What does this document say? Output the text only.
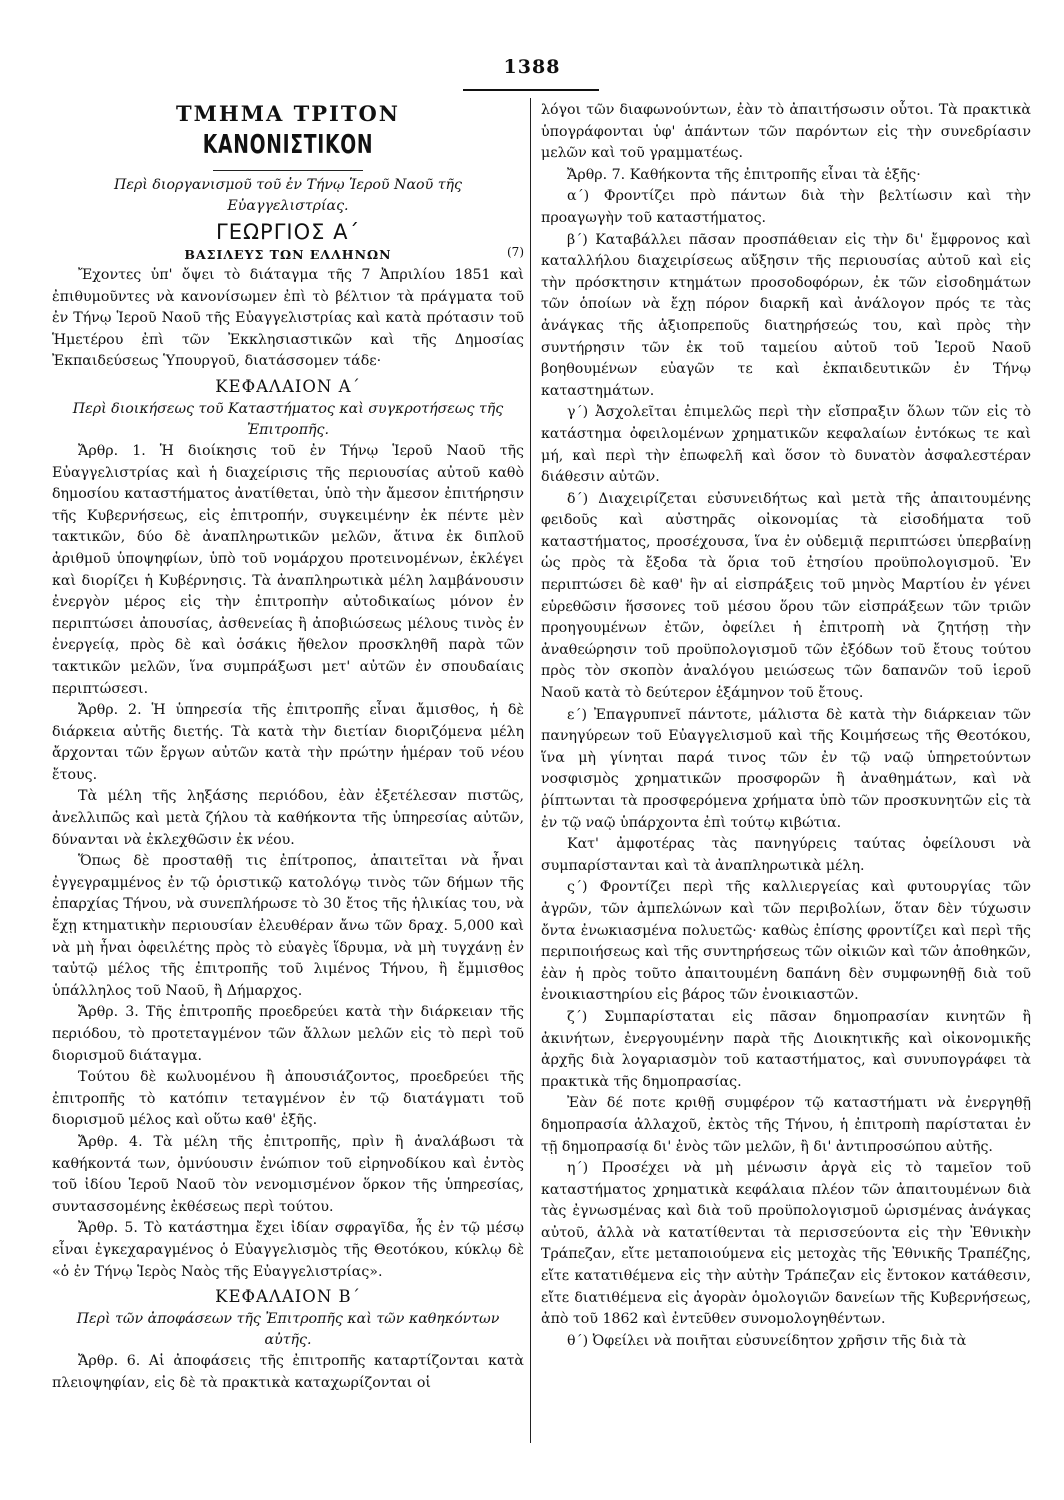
1388
ΤΜΗΜΑ ΤΡΙΤΟΝ
ΚΑΝΟΝΙΣΤΙΚΟΝ
(7)

Περὶ διοργανισμοῦ τοῦ ἐν Τήνῳ Ἱεροῦ Ναοῦ τῆς Εὐαγγελιστρίας.

ΓΕΩΡΓΙΟΣ Α΄
ΒΑΣΙΛΕΥΣ ΤΩΝ ΕΛΛΗΝΩΝ

Ἔχοντες ὑπ' ὄψει τὸ διάταγμα τῆς 7 Ἀπριλίου 1851 καὶ ἐπιθυμοῦντες νὰ κανονίσωμεν ἐπὶ τὸ βέλτιον τὰ πράγματα τοῦ ἐν Τήνῳ Ἱεροῦ Ναοῦ τῆς Εὐαγγελιστρίας καὶ κατὰ πρότασιν τοῦ Ἡμετέρου ἐπὶ τῶν Ἐκκλησιαστικῶν καὶ τῆς Δημοσίας Ἐκπαιδεύσεως Ὑπουργοῦ, διατάσσομεν τάδε·

ΚΕΦΑΛΑΙΟΝ Α΄

Περὶ διοικήσεως τοῦ Καταστήματος καὶ συγκροτήσεως τῆς Ἐπιτροπῆς.

Ἄρθρ. 1. Ἡ διοίκησις τοῦ ἐν Τήνῳ Ἱεροῦ Ναοῦ τῆς Εὐαγγελιστρίας καὶ ἡ διαχείρισις τῆς περιουσίας αὐτοῦ καθὸ δημοσίου καταστήματος ἀνατίθεται, ὑπὸ τὴν ἄμεσον ἐπιτήρησιν τῆς Κυβερνήσεως, εἰς ἐπιτροπήν, συγκειμένην ἐκ πέντε μὲν τακτικῶν, δύο δὲ ἀναπληρωτικῶν μελῶν, ἅτινα ἐκ διπλοῦ ἀριθμοῦ ὑποψηφίων, ὑπὸ τοῦ νομάρχου προτεινομένων, ἐκλέγει καὶ διορίζει ἡ Κυβέρνησις. Τὰ ἀναπληρωτικὰ μέλη λαμβάνουσιν ἐνεργὸν μέρος εἰς τὴν ἐπιτροπὴν αὐτοδικαίως μόνον ἐν περιπτώσει ἀπουσίας, ἀσθενείας ἢ ἀποβιώσεως μέλους τινὸς ἐν ἐνεργείᾳ, πρὸς δὲ καὶ ὁσάκις ἤθελον προσκληθῆ παρὰ τῶν τακτικῶν μελῶν, ἵνα συμπράξωσι μετ' αὐτῶν ἐν σπουδαίαις περιπτώσεσι.

Ἄρθρ. 2. Ἡ ὑπηρεσία τῆς ἐπιτροπῆς εἶναι ἄμισθος, ἡ δὲ διάρκεια αὐτῆς διετής. Τὰ κατὰ τὴν διετίαν διοριζόμενα μέλη ἄρχονται τῶν ἔργων αὐτῶν κατὰ τὴν πρώτην ἡμέραν τοῦ νέου ἔτους.

Τὰ μέλη τῆς ληξάσης περιόδου, ἐὰν ἐξετέλεσαν πιστῶς, ἀνελλιπῶς καὶ μετὰ ζήλου τὰ καθήκοντα τῆς ὑπηρεσίας αὐτῶν, δύνανται νὰ ἐκλεχθῶσιν ἐκ νέου.

Ὅπως δὲ προσταθῇ τις ἐπίτροπος, ἀπαιτεῖται νὰ ἦναι ἐγγεγραμμένος ἐν τῷ ὁριστικῷ κατολόγῳ τινὸς τῶν δήμων τῆς ἐπαρχίας Τήνου, νὰ συνεπλήρωσε τὸ 30 ἔτος τῆς ἡλικίας του, νὰ ἔχῃ κτηματικὴν περιουσίαν ἐλευθέραν ἄνω τῶν δραχ. 5,000 καὶ νὰ μὴ ἦναι ὀφειλέτης πρὸς τὸ εὐαγὲς ἵδρυμα, νὰ μὴ τυγχάνῃ ἐν ταὐτῷ μέλος τῆς ἐπιτροπῆς τοῦ λιμένος Τήνου, ἢ ἔμμισθος ὑπάλληλος τοῦ Ναοῦ, ἢ Δήμαρχος.

Ἄρθρ. 3. Τῆς ἐπιτροπῆς προεδρεύει κατὰ τὴν διάρκειαν τῆς περιόδου, τὸ προτεταγμένον τῶν ἄλλων μελῶν εἰς τὸ περὶ τοῦ διορισμοῦ διάταγμα.

Τούτου δὲ κωλυομένου ἢ ἀπουσιάζοντος, προεδρεύει τῆς ἐπιτροπῆς τὸ κατόπιν τεταγμένον ἐν τῷ διατάγματι τοῦ διορισμοῦ μέλος καὶ οὕτω καθ' ἑξῆς.

Ἄρθρ. 4. Τὰ μέλη τῆς ἐπιτροπῆς, πρὶν ἢ ἀναλάβωσι τὰ καθήκοντά των, ὀμνύουσιν ἐνώπιον τοῦ εἰρηνοδίκου καὶ ἐντὸς τοῦ ἰδίου Ἱεροῦ Ναοῦ τὸν νενομισμένον ὅρκον τῆς ὑπηρεσίας, συντασσομένης ἐκθέσεως περὶ τούτου.

Ἄρθρ. 5. Τὸ κατάστημα ἔχει ἰδίαν σφραγῖδα, ἧς ἐν τῷ μέσῳ εἶναι ἐγκεχαραγμένος ὁ Εὐαγγελισμὸς τῆς Θεοτόκου, κύκλῳ δὲ «ὁ ἐν Τήνῳ Ἱερὸς Ναὸς τῆς Εὐαγγελιστρίας».

ΚΕΦΑΛΑΙΟΝ Β΄

Περὶ τῶν ἀποφάσεων τῆς Ἐπιτροπῆς καὶ τῶν καθηκόντων αὐτῆς.

Ἄρθρ. 6. Αἱ ἀποφάσεις τῆς ἐπιτροπῆς καταρτίζονται κατὰ πλειοψηφίαν, εἰς δὲ τὰ πρακτικὰ καταχωρίζονται οἱ

λόγοι τῶν διαφωνούντων, ἐὰν τὸ ἀπαιτήσωσιν οὗτοι. Τὰ πρακτικὰ ὑπογράφονται ὑφ' ἁπάντων τῶν παρόντων εἰς τὴν συνεδρίασιν μελῶν καὶ τοῦ γραμματέως.

Ἄρθρ. 7. Καθήκοντα τῆς ἐπιτροπῆς εἶναι τὰ ἑξῆς·

α΄) Φροντίζει πρὸ πάντων διὰ τὴν βελτίωσιν καὶ τὴν προαγωγὴν τοῦ καταστήματος.

β΄) Καταβάλλει πᾶσαν προσπάθειαν εἰς τὴν δι' ἔμφρονος καὶ καταλλήλου διαχειρίσεως αὔξησιν τῆς περιουσίας αὐτοῦ καὶ εἰς τὴν πρόσκτησιν κτημάτων προσοδοφόρων, ἐκ τῶν εἰσοδημάτων τῶν ὁποίων νὰ ἔχῃ πόρον διαρκῆ καὶ ἀνάλογον πρός τε τὰς ἀνάγκας τῆς ἀξιοπρεποῦς διατηρήσεώς του, καὶ πρὸς τὴν συντήρησιν τῶν ἐκ τοῦ ταμείου αὐτοῦ τοῦ Ἱεροῦ Ναοῦ βοηθουμένων εὐαγῶν τε καὶ ἐκπαιδευτικῶν ἐν Τήνῳ καταστημάτων.

γ΄) Ἀσχολεῖται ἐπιμελῶς περὶ τὴν εἴσπραξιν ὅλων τῶν εἰς τὸ κατάστημα ὀφειλομένων χρηματικῶν κεφαλαίων ἐντόκως τε καὶ μή, καὶ περὶ τὴν ἐπωφελῆ καὶ ὅσον τὸ δυνατὸν ἀσφαλεστέραν διάθεσιν αὐτῶν.

δ΄) Διαχειρίζεται εὐσυνειδήτως καὶ μετὰ τῆς ἀπαιτουμένης φειδοῦς καὶ αὐστηρᾶς οἰκονομίας τὰ εἰσοδήματα τοῦ καταστήματος, προσέχουσα, ἵνα ἐν οὐδεμιᾷ περιπτώσει ὑπερβαίνῃ ὡς πρὸς τὰ ἔξοδα τὰ ὅρια τοῦ ἐτησίου προϋπολογισμοῦ. Ἐν περιπτώσει δὲ καθ' ἣν αἱ εἰσπράξεις τοῦ μηνὸς Μαρτίου ἐν γένει εὑρεθῶσιν ἥσσονες τοῦ μέσου ὅρου τῶν εἰσπράξεων τῶν τριῶν προηγουμένων ἐτῶν, ὀφείλει ἡ ἐπιτροπὴ νὰ ζητήσῃ τὴν ἀναθεώρησιν τοῦ προϋπολογισμοῦ τῶν ἐξόδων τοῦ ἔτους τούτου πρὸς τὸν σκοπὸν ἀναλόγου μειώσεως τῶν δαπανῶν τοῦ ἱεροῦ Ναοῦ κατὰ τὸ δεύτερον ἑξάμηνον τοῦ ἔτους.

ε΄) Ἐπαγρυπνεῖ πάντοτε, μάλιστα δὲ κατὰ τὴν διάρκειαν τῶν πανηγύρεων τοῦ Εὐαγγελισμοῦ καὶ τῆς Κοιμήσεως τῆς Θεοτόκου, ἵνα μὴ γίνηται παρά τινος τῶν ἐν τῷ ναῷ ὑπηρετούντων νοσφισμὸς χρηματικῶν προσφορῶν ἢ ἀναθημάτων, καὶ νὰ ῥίπτωνται τὰ προσφερόμενα χρήματα ὑπὸ τῶν προσκυνητῶν εἰς τὰ ἐν τῷ ναῷ ὑπάρχοντα ἐπὶ τούτῳ κιβώτια.

Κατ' ἀμφοτέρας τὰς πανηγύρεις ταύτας ὀφείλουσι νὰ συμπαρίστανται καὶ τὰ ἀναπληρωτικὰ μέλη.

ς΄) Φροντίζει περὶ τῆς καλλιεργείας καὶ φυτουργίας τῶν ἀγρῶν, τῶν ἀμπελώνων καὶ τῶν περιβολίων, ὅταν δὲν τύχωσιν ὄντα ἐνωκιασμένα πολυετῶς· καθὼς ἐπίσης φροντίζει καὶ περὶ τῆς περιποιήσεως καὶ τῆς συντηρήσεως τῶν οἰκιῶν καὶ τῶν ἀποθηκῶν, ἐὰν ἡ πρὸς τοῦτο ἀπαιτουμένη δαπάνη δὲν συμφωνηθῇ διὰ τοῦ ἐνοικιαστηρίου εἰς βάρος τῶν ἐνοικιαστῶν.

ζ΄) Συμπαρίσταται εἰς πᾶσαν δημοπρασίαν κινητῶν ἢ ἀκινήτων, ἐνεργουμένην παρὰ τῆς Διοικητικῆς καὶ οἰκονομικῆς ἀρχῆς διὰ λογαριασμὸν τοῦ καταστήματος, καὶ συνυπογράφει τὰ πρακτικὰ τῆς δημοπρασίας.

Ἐὰν δέ ποτε κριθῇ συμφέρον τῷ καταστήματι νὰ ἐνεργηθῇ δημοπρασία ἀλλαχοῦ, ἐκτὸς τῆς Τήνου, ἡ ἐπιτροπὴ παρίσταται ἐν τῇ δημοπρασίᾳ δι' ἑνὸς τῶν μελῶν, ἢ δι' ἀντιπροσώπου αὐτῆς.

η΄) Προσέχει νὰ μὴ μένωσιν ἀργὰ εἰς τὸ ταμεῖον τοῦ καταστήματος χρηματικὰ κεφάλαια πλέον τῶν ἀπαιτουμένων διὰ τὰς ἐγνωσμένας καὶ διὰ τοῦ προϋπολογισμοῦ ὡρισμένας ἀνάγκας αὐτοῦ, ἀλλὰ νὰ κατατίθενται τὰ περισσεύοντα εἰς τὴν Ἐθνικὴν Τράπεζαν, εἴτε μεταποιούμενα εἰς μετοχὰς τῆς Ἐθνικῆς Τραπέζης, εἴτε κατατιθέμενα εἰς τὴν αὐτὴν Τράπεζαν εἰς ἔντοκον κατάθεσιν, εἴτε διατιθέμενα εἰς ἀγορὰν ὁμολογιῶν δανείων τῆς Κυβερνήσεως, ἀπὸ τοῦ 1862 καὶ ἐντεῦθεν συνομολογηθέντων.

θ΄) Ὀφείλει νὰ ποιῆται εὐσυνείδητον χρῆσιν τῆς διὰ τὰ
